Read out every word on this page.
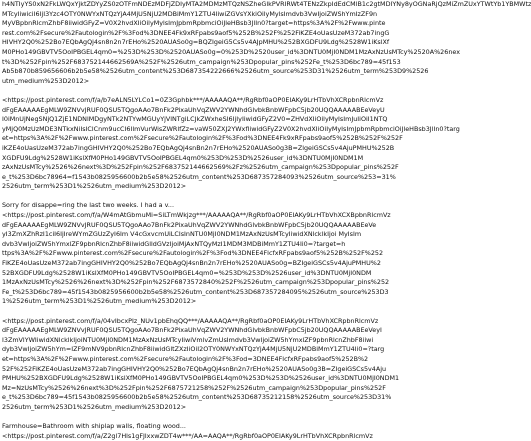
h4NTIyYS0xN2FkLWQxYjktZDYyZS0zOTFmNDEzMDFjZDIyMTA2MDMzMTQzNSZheGlkPVRIRWt4TENzZkpIdEdCMlB1c2gtMDIYNy8yOGNaRjQzMiZmZUxYTWtYb1YBMWtz
MTcyIiwiciI6IjI3Yzc4OTY0NWYxNTQzYjA4MjU5NjU2MDBiMmY1ZTU4IiwiZGVsYXkiOilyMylsImdvb3VwIjoiZWShYmIzZF9n
MyVBpbnRlcmZhbF8iiwidGFyZ=V0X2hvdXIiOilyMylsImJpbmRpbmciOiJleHBsb3JlIn0?target=https%3A%2F%2Fwww.pinte
rest.com%2Fsecure%2Fautologin%2F%3Fod%3DNEE4Fk9xRFpabs9aof5%252B%252F%252FiKZE4oUasUzeM372ab7ingG
HIVHY2Q0%252Bo7EQbAgQj4sn8n2n7rEHo%2520AUASo0g=BQZIgeiG5Cs5v4AJpMHU%252BXGDFU9Ldg%2528W1iKslXf
M0PHo149GBVTV5OoIPBGEL4qm0=%253D%253D%2520AUASo0g=0%253D%2520user_id%3DNTU0MjI0NDM1MzAxNzUsMTcy%2520A%26nex
t%3D%252Fpin%252F683752144662569A%252F%2526utm_campaign%253Dpopular_pins%252Fe_t%253D6bc789=45f153
Ab5b870b859656606b2b5e58%2526utm_content%253D687354222666%2526utm_source%253D31%2526utm_term%253D9%2526
utm_medium%253D2012>
<https://post.pinterest.com/f/a/b7eALN5LYLCo1=0Z3Gphbk***/AAAAAQA**/RgRbf0aOP0EIAKy9LrHTbVhXCRpbnRlcmVz
dFgEAAAAAEgMLW9ZNVvJRUF0QSU5TQgoAAo7BnFk2PixaUhVqZWV2YWNhdGlvbkBnbWFpbC5jb20UQQAAAAABEeVeyU
I0iMnUjNegSNjQ1ZjE1NDNlMDgyNTk2NTYwMGUyYjVlNTgiLCJkZWxheSI6IjIyIiwidGFyZ2V0=ZHVdXIiOilyMyIsImJuIiOiI1NTQ
yMjQ0MzUzMDE3NTkxNiIsIClCnm9ucCI6IlmVurWisZWRlfZz=vaW50ZXJ2YWxfIiwidGFyZ2V0X2hvdXIiOiIyMyIsImJpbmRpbmciOiJleHBsb3JlIn0?targ
et=https%3A%2F%2Fwww.pinterest.com%2Fsecure%2Fautologin%2F%3Fod%3DNEE4Fk9xRFpabs9aof5%252B%252F%252F
iKZE4oUasUzeM372ab7ingGHIVHY2Q0%252Bo7EQbAgQj4snBn2n7rEHo%2520AUASo0g3B=ZlgeiGSCs5v4AjuPMHU%252B
XGDFU9Ldg%2528W1iKslXfM0PHo149GBVTV5OoIPBGEL4qm0%253D%253D%2526user_id%3DNTU0MjI0NDM1M
zAxNzUsMTcy%2526%26next%3D%252Fpin%252F683752144662569%2Fz%2526utm_campaign%253Dpopular_pins%252F
e_t%253D6bc78964=f1543b0825956600b2b5e58%2526utm_content%253D687357284093%2526utm_source%253=31%
2526utm_term%253D1%2526utm_medium%253D2012>
Sorry for disappe=ring the last two weeks. I had a v...
<https://post.pinterest.com/f/a/W4mAtGbmuMi=SiLTmWkjzg***/AAAAAQA**/RgRbf0aOP0EIAKy9LrHTbVhXCXBpbnRlcmVz
dFgEAAAAAEgMLW9ZNVvJRUF0QSU5TQgoAAo7BnFk2PixaUhVqZWV2YWNhdGlvbkBnbWFpbC5jb20UQQAAAAABEeVe
yI3ZmXZhRzI1ciI6IjIreWYmZGUzZyI6Im V4cGxvcmUiLCIsInNTU0MjI0NDM1MzAxNzUsMTcyIiwidXNlcklkIjoi MyIsIm
dvb3VwIjoiZW5hYmxlZF9pbnRlcnZhbF8iiwidGlldGVzIjoiMjAxNTQyMzI1MDM3MDBiMmY1ZTU4Ii0=?target=h
ttps%3A%2F%2Fwww.pinterest.com%2Fsecure%2Fautologin%2F%3Fod%3DNEE4FlcfxRFpabs9aof5%252B%252F%252
FiKZE4oUasUzeM372ab7ingGHIVHY2Q0%252Bo7EQbAgQj4snBn2n7rEHo%2520AUASo0g=BZIgeiGSCs5v4AjuPMHU%2
52BXGDFU9Ldg%2528W1iKslXfM0PHo149GBVTV5OoIPBGEL4qm0=%253D%253D%2526user_id%3DNTU0MjI0NDM
1MzAxNzUsMTcy%2526%26next%3D%252Fpin%252F6873572840%252F%2526utm_campaign%253Dpopular_pins%252
Fe_t%253D6bc789=45f1543b0825956600b2b5e58%2526utm_content%253D687357284095%2526utm_source%253D3
1%2526utm_term%253D1%2526utm_medium%253D2012>
<https://post.pinterest.com/f/a/04vIbcxPIz_NUv1pbEhqQQ***/AAAAAQA**/RgRbf0aOP0EIAKy9LrHTbVhXCRpbnRlcmVz
dFgEAAAAAEgMLW9ZNVvJRUF0QSU5TQgoAAo7BnFk2PixaUhVqZWV2YWNhdGlvbkBnbWFpbC5jb20UQQAAAAABEeVeyI
I3ZmVlYWIiwidXNlcklkIjoiNTU0MjI0NDM1MzAxNzUsMTcyIiwiVmlvZmUsImdvb3VwIjoiZW5hYmxlZF9pbnRlcnZhbF8iiwi
dyb3VwIjoiZW5hYm=IZF9mNV9pbnRlcnZhbF8iiwidGltZXzIiOiI2OTY0NWYxNTQzYjA4MjU5NjU2MDBiMmY1ZTU4Ii0=?targ
et=https%3A%2F%2Fwww.pinterest.com%2Fsecure%2Fautologin%2F%3Fod=3DNEE4FlcfxRFpabs9aof5%252B%2
52F%252FiKZE4oUasUzeM372ab7ingGHIVHY2Q0%252Bo7EQbAgQj4snBn2n7rEHo%2520AUASo0g3B=ZIgeiGSCs5v4Aju
PMHU%252BXGDFU9Ldg%2528W1iKslXfM0PHo149GBVTV5OoIPBGEL4qm0%253D%253D%2526user_id%3DNTU0MjI0NDM1
Mz=NzUsMTcy%2526%26next%3D%252Fpin%252F6875721258%252F%2526utm_campaign%253Dpopular_pins%252F
e_t%253D6bc789=45f1543b0825956600b2b5e58%2526utm_content%253D68735212158%2526utm_source%253D31%
2526utm_term%253D1%2526utm_medium%253D2012>
Farmhouse=Bathroom with shiplap walls, floating wood...
<https://post.pinterest.com/f/a/Z2gl7Hls1gFJlxxwZDT4w***/AA=AAQA**/RgRbf0aOP0EIAKy9LrHTbVhXCRpbnRlcmVz
